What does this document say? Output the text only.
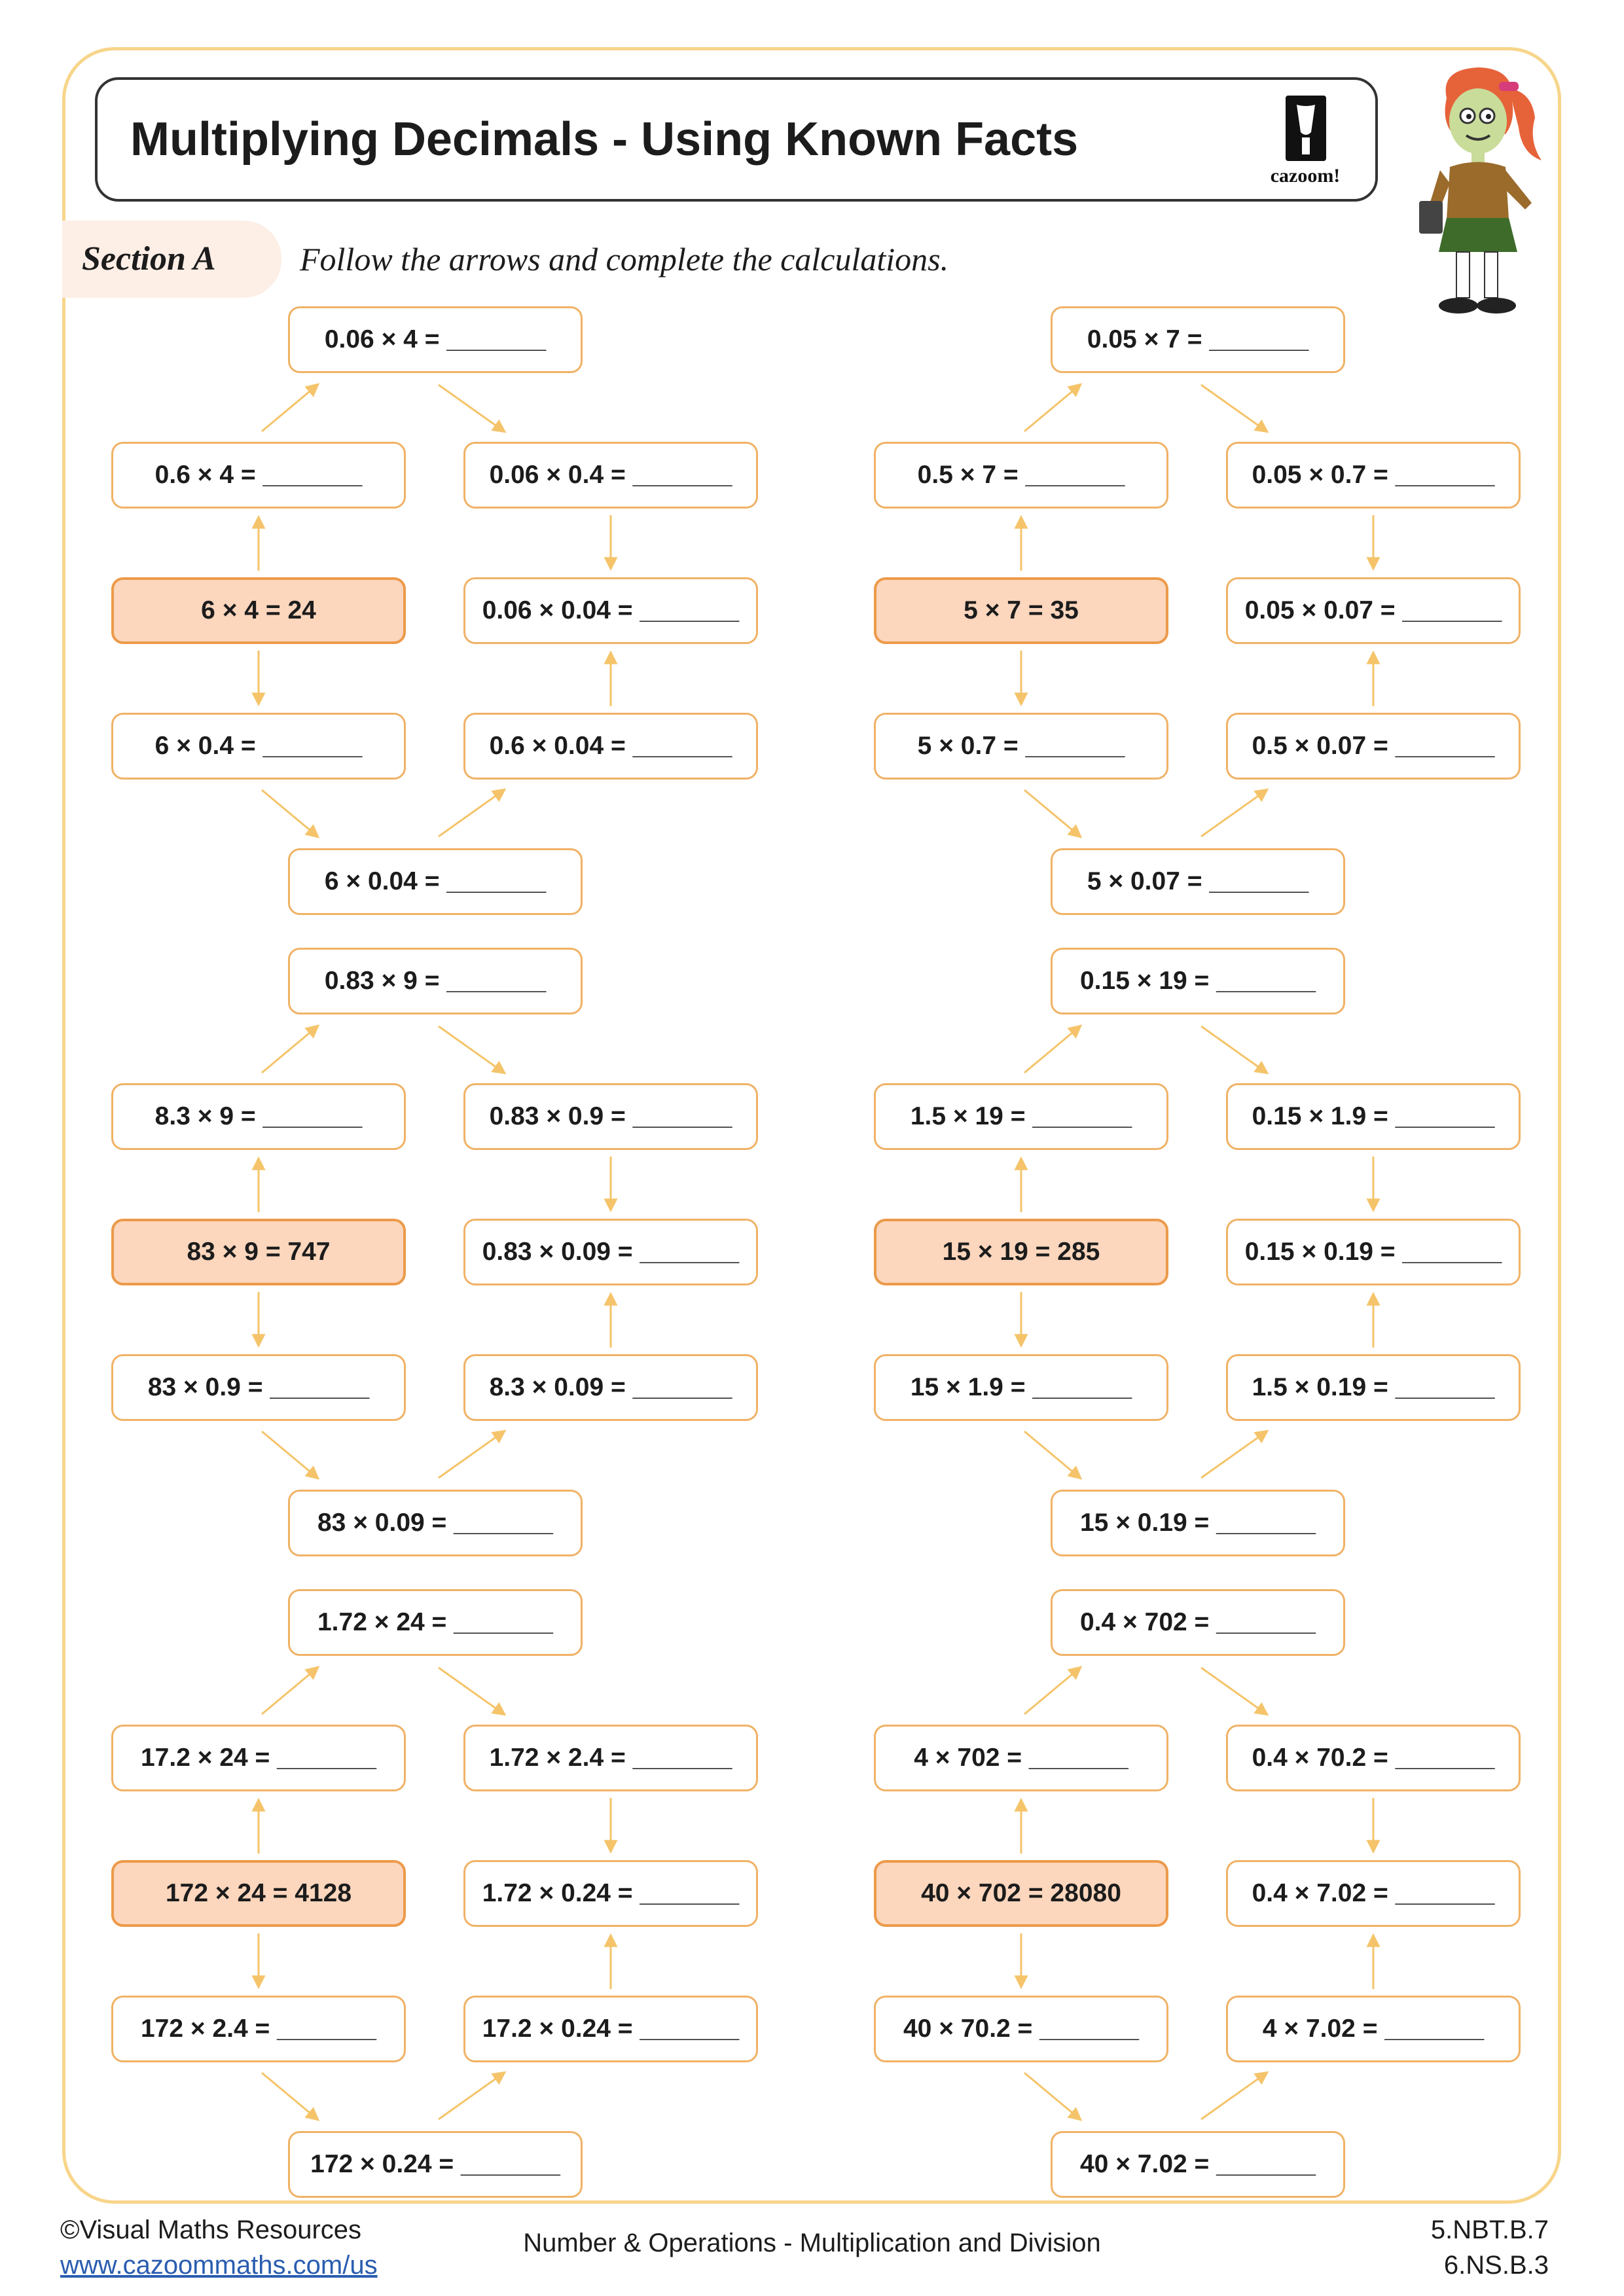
Multiplying Decimals - Using Known Facts
cazoom!
Section A	Follow the arrows and complete the calculations.
0.06 × 4 = _______
0.6 × 4 = _______	0.06 × 0.4 = _______
6 × 4 = 24	0.06 × 0.04 = _______
6 × 0.4 = _______	0.6 × 0.04 = _______
6 × 0.04 = _______
0.05 × 7 = _______
0.5 × 7 = _______	0.05 × 0.7 = _______
5 × 7 = 35	0.05 × 0.07 = _______
5 × 0.7 = _______	0.5 × 0.07 = _______
5 × 0.07 = _______
0.83 × 9 = _______
8.3 × 9 = _______	0.83 × 0.9 = _______
83 × 9 = 747	0.83 × 0.09 = _______
83 × 0.9 = _______	8.3 × 0.09 = _______
83 × 0.09 = _______
0.15 × 19 = _______
1.5 × 19 = _______	0.15 × 1.9 = _______
15 × 19 = 285	0.15 × 0.19 = _______
15 × 1.9 = _______	1.5 × 0.19 = _______
15 × 0.19 = _______
1.72 × 24 = _______
17.2 × 24 = _______	1.72 × 2.4 = _______
172 × 24 = 4128	1.72 × 0.24 = _______
172 × 2.4 = _______	17.2 × 0.24 = _______
172 × 0.24 = _______
0.4 × 702 = _______
4 × 702 = _______	0.4 × 70.2 = _______
40 × 702 = 28080	0.4 × 7.02 = _______
40 × 70.2 = _______	4 × 7.02 = _______
40 × 7.02 = _______
©Visual Maths Resources
www.cazoommaths.com/us
Number & Operations - Multiplication and Division	5.NBT.B.7
6.NS.B.3
